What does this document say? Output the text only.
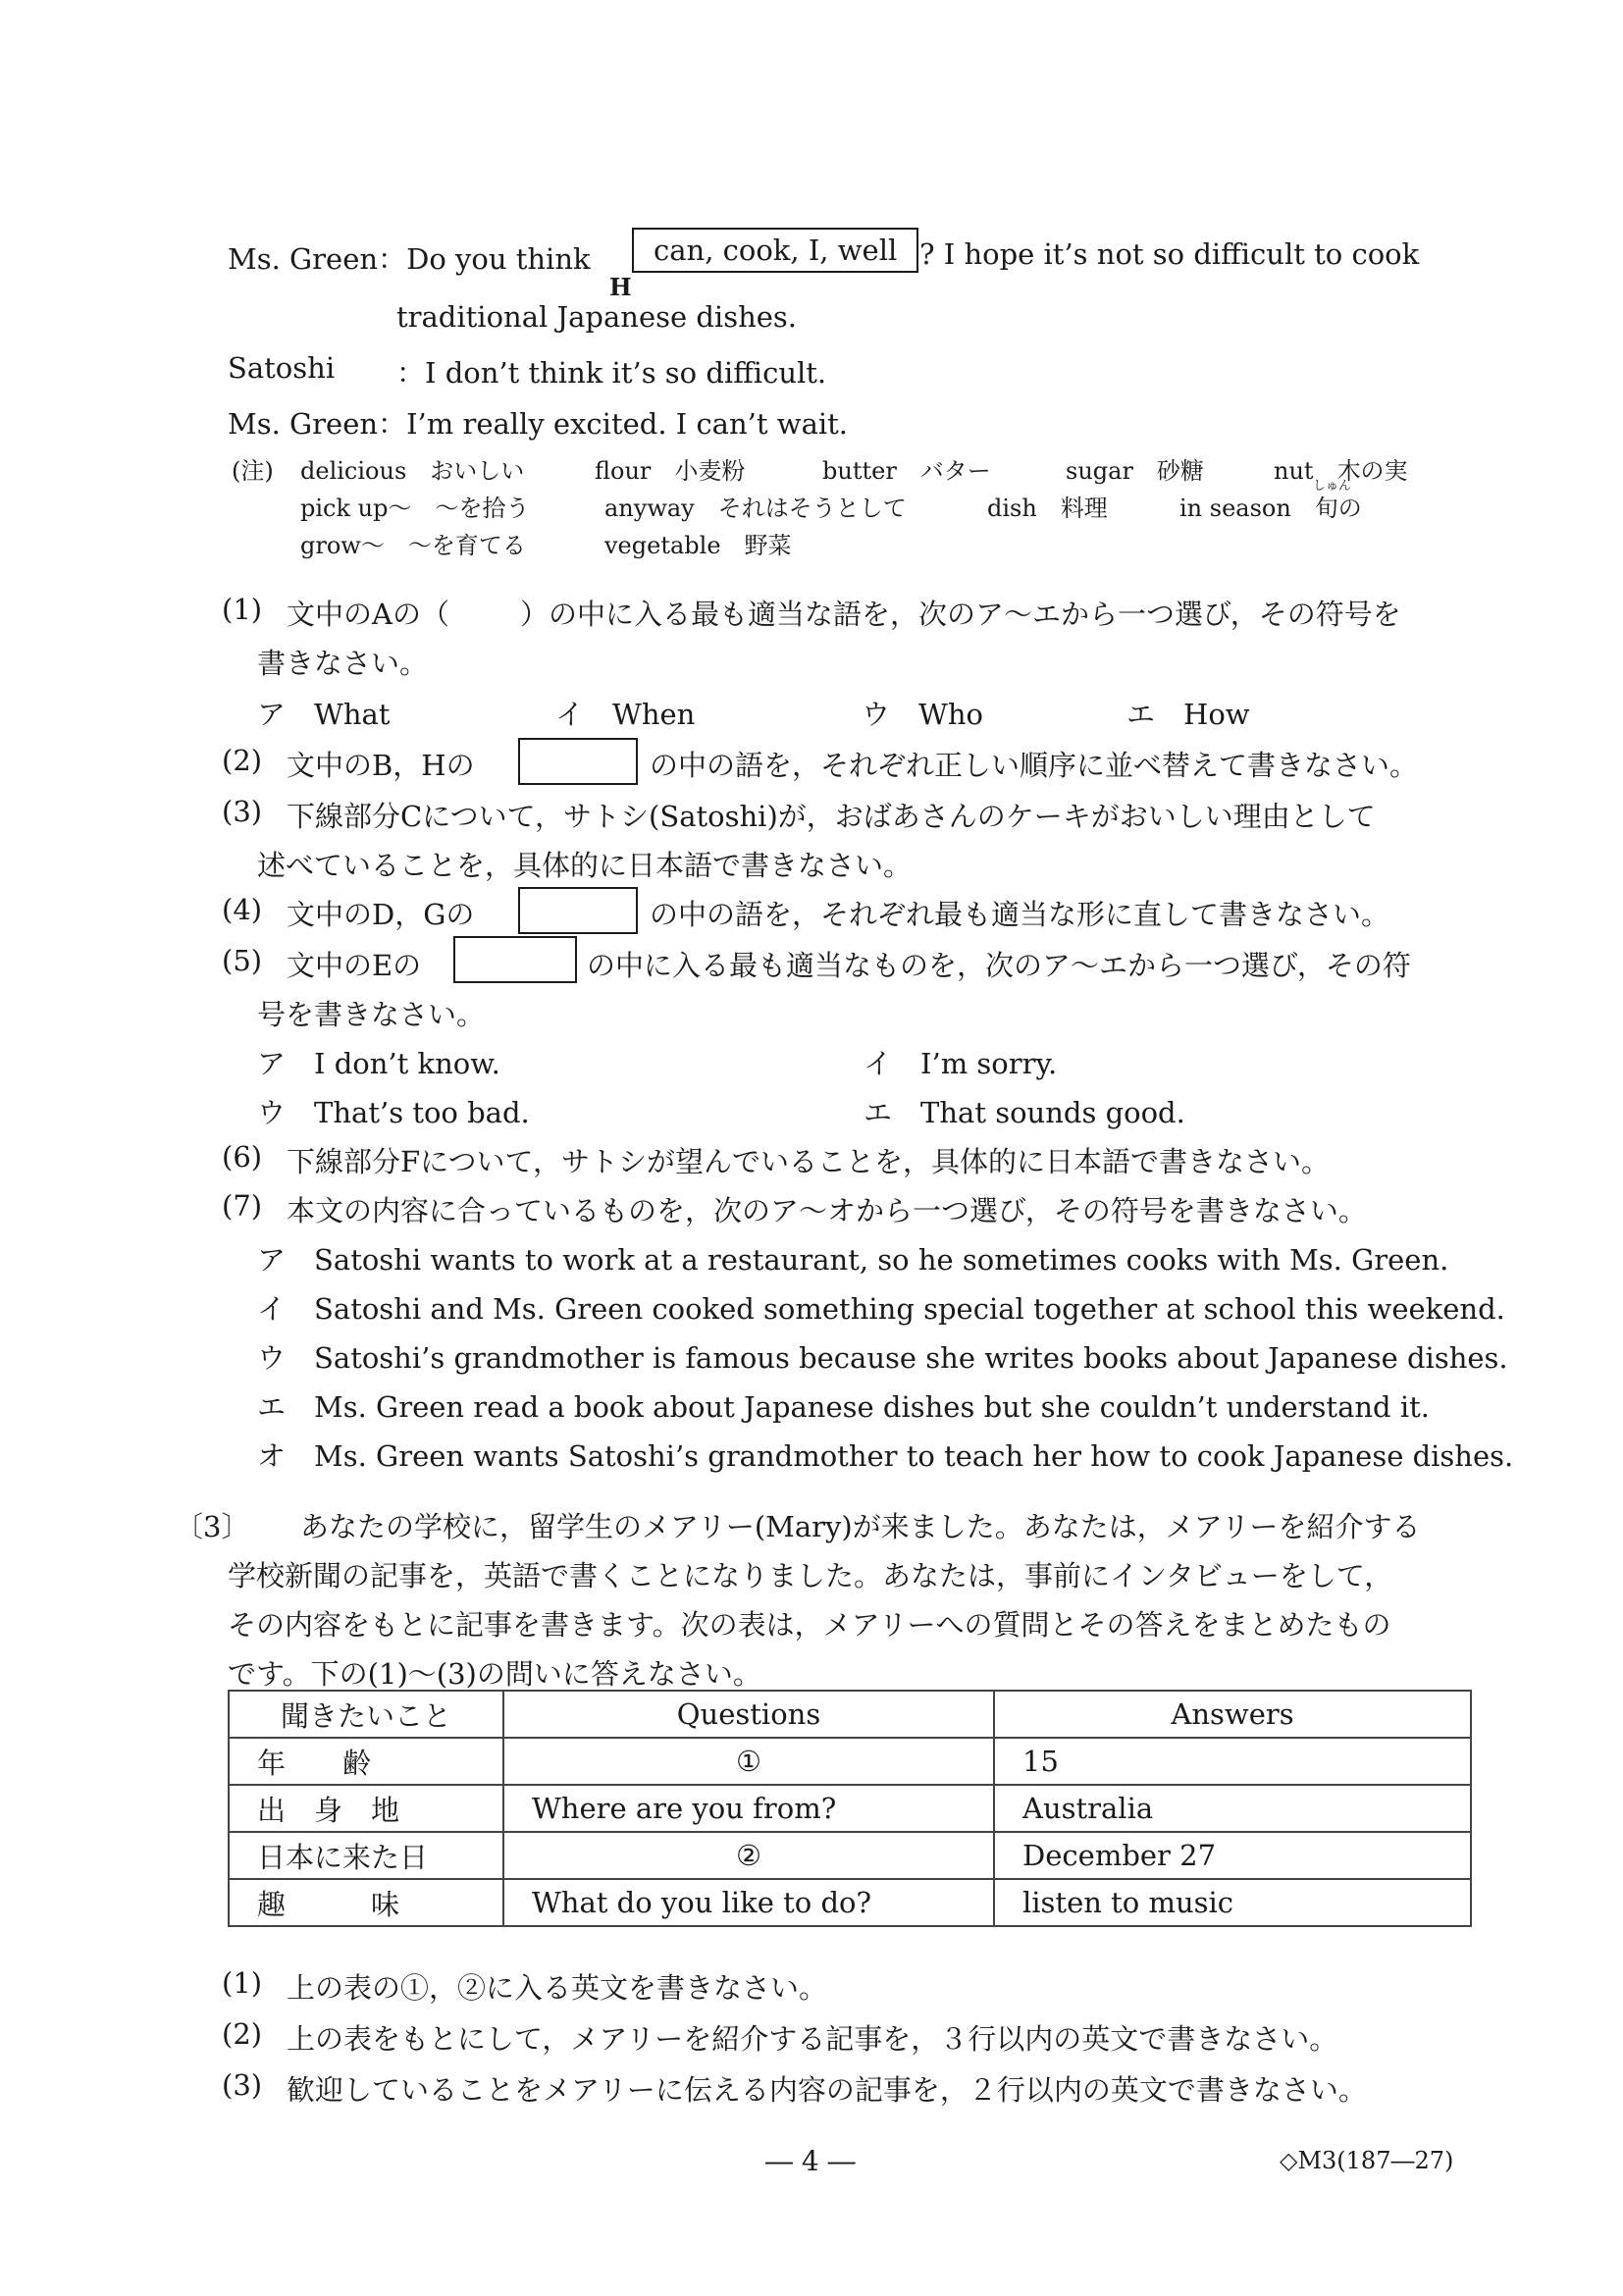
Ms. Green：Do you think	can, cook, I, well
H
? I hope it’s not so difficult to cook
traditional Japanese dishes.
Satoshi ：I don’t think it’s so difficult.
Ms. Green：I’m really excited. I can’t wait.
(注) delicious　 おいしい	flour　 小麦粉	butter　 バター	sugar　 砂糖	nut　 木の実
pick up～　 ～を拾う	anyway　 それはそうとして	dish　 料理	in season　 旬の
しゅん
grow～　 ～を育てる	vegetable　 野菜
(1) 文中のAの（ ）の中に入る最も適当な語を，次のア～エから一つ選び，その符号を
書きなさい。
ア　 What	イ　 When	ウ　 Who	エ　 How
(2) 文中のB，Hの	の中の語を，それぞれ正しい順序に並べ替えて書きなさい。
(3) 下線部分Cについて，サトシ(Satoshi)が，おばあさんのケーキがおいしい理由として
述べていることを，具体的に日本語で書きなさい。
(4) 文中のD，Gの	の中の語を，それぞれ最も適当な形に直して書きなさい。
(5) 文中のEの	の中に入る最も適当なものを，次のア～エから一つ選び，その符
号を書きなさい。
ア　 I don’t know.	イ　 I’m sorry.
ウ　 That’s too bad.	エ　 That sounds good.
(6) 下線部分Fについて，サトシが望んでいることを，具体的に日本語で書きなさい。
(7) 本文の内容に合っているものを，次のア～オから一つ選び，その符号を書きなさい。
ア　 Satoshi wants to work at a restaurant, so he sometimes cooks with Ms. Green.
イ　 Satoshi and Ms. Green cooked something special together at school this weekend.
ウ　 Satoshi’s grandmother is famous because she writes books about Japanese dishes.
エ　 Ms. Green read a book about Japanese dishes but she couldn’t understand it.
オ　 Ms. Green wants Satoshi’s grandmother to teach her how to cook Japanese dishes.
〔3〕 あなたの学校に，留学生のメアリー(Mary)が来ました。あなたは，メアリーを紹介する
学校新聞の記事を，英語で書くことになりました。あなたは，事前にインタビューをして，
その内容をもとに記事を書きます。次の表は，メアリーへの質問とその答えをまとめたもの
です。下の(1)～(3)の問いに答えなさい。
聞きたいこと	Questions	Answers
年　　齢	①	15
出　身　地	Where are you from?	Australia
日本に来た日	②	December 27
趣　　　味	What do you like to do?	listen to music
(1) 上の表の①，②に入る英文を書きなさい。
(2) 上の表をもとにして，メアリーを紹介する記事を，３行以内の英文で書きなさい。
(3) 歓迎していることをメアリーに伝える内容の記事を，２行以内の英文で書きなさい。
― 4 ―	◇M3(187―27)
